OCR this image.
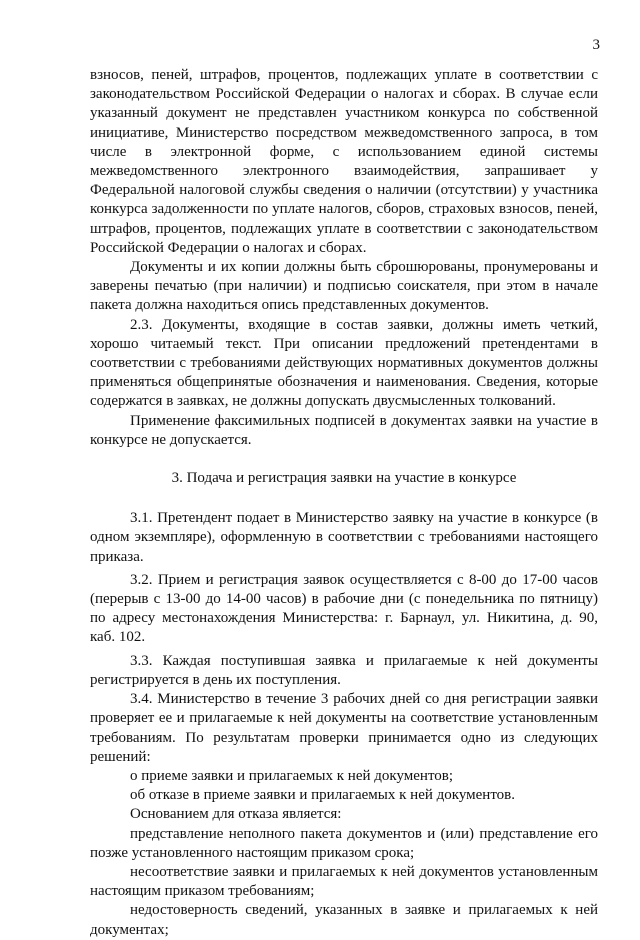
3

взносов, пеней, штрафов, процентов, подлежащих уплате в соответствии с законодательством Российской Федерации о налогах и сборах. В случае если указанный документ не представлен участником конкурса по собственной инициативе, Министерство посредством межведомственного запроса, в том числе в электронной форме, с использованием единой системы межведомственного электронного взаимодействия, запрашивает у Федеральной налоговой службы сведения о наличии (отсутствии) у участника конкурса задолженности по уплате налогов, сборов, страховых взносов, пеней, штрафов, процентов, подлежащих уплате в соответствии с законодательством Российской Федерации о налогах и сборах.

Документы и их копии должны быть сброшюрованы, пронумерованы и заверены печатью (при наличии) и подписью соискателя, при этом в начале пакета должна находиться опись представленных документов.

2.3. Документы, входящие в состав заявки, должны иметь четкий, хорошо читаемый текст. При описании предложений претендентами в соответствии с требованиями действующих нормативных документов должны применяться общепринятые обозначения и наименования. Сведения, которые содержатся в заявках, не должны допускать двусмысленных толкований.

Применение факсимильных подписей в документах заявки на участие в конкурсе не допускается.

3. Подача и регистрация заявки на участие в конкурсе

3.1. Претендент подает в Министерство заявку на участие в конкурсе (в одном экземпляре), оформленную в соответствии с требованиями настоящего приказа.

3.2. Прием и регистрация заявок осуществляется с 8-00 до 17-00 часов (перерыв с 13-00 до 14-00 часов) в рабочие дни (с понедельника по пятницу) по адресу местонахождения Министерства: г. Барнаул, ул. Никитина, д. 90, каб. 102.

3.3. Каждая поступившая заявка и прилагаемые к ней документы регистрируется в день их поступления.

3.4. Министерство в течение 3 рабочих дней со дня регистрации заявки проверяет ее и прилагаемые к ней документы на соответствие установленным требованиям. По результатам проверки принимается одно из следующих решений:

о приеме заявки и прилагаемых к ней документов;

об отказе в приеме заявки и прилагаемых к ней документов.

Основанием для отказа является:

представление неполного пакета документов и (или) представление его позже установленного настоящим приказом срока;

несоответствие заявки и прилагаемых к ней документов установленным настоящим приказом требованиям;

недостоверность сведений, указанных в заявке и прилагаемых к ней документах;
